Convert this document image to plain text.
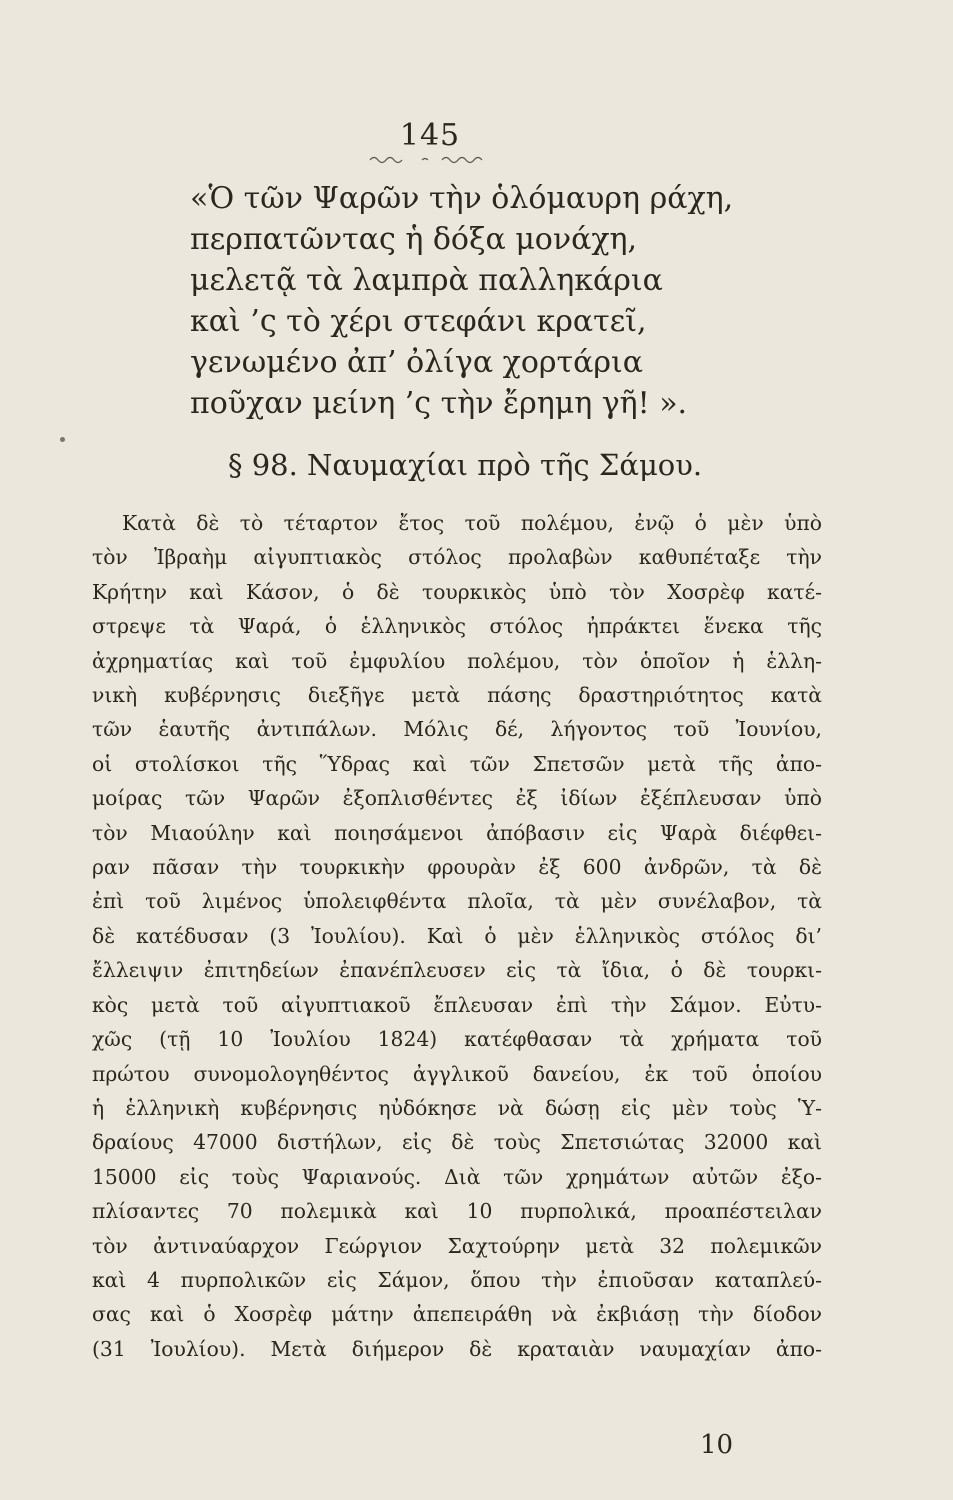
145
«Ὁ τῶν Ψαρῶν τὴν ὁλόμαυρη ράχη,
περπατῶντας ἡ δόξα μονάχη,
μελετᾷ τὰ λαμπρὰ παλληκάρια
καὶ ’ς τὸ χέρι στεφάνι κρατεῖ,
γενωμένο ἀπ’ ὀλίγα χορτάρια
ποῦχαν μείνη ’ς τὴν ἔρημη γῆ! ».
§ 98. Ναυμαχίαι πρὸ τῆς Σάμου.
Κατὰ δὲ τὸ τέταρτον ἔτος τοῦ πολέμου, ἐνῷ ὁ μὲν ὑπὸ
τὸν Ἰβραὴμ αἰγυπτιακὸς στόλος προλαβὼν καθυπέταξε τὴν
Κρήτην καὶ Κάσον, ὁ δὲ τουρκικὸς ὑπὸ τὸν Χοσρὲφ κατέ-
στρεψε τὰ Ψαρά, ὁ ἑλληνικὸς στόλος ἠπράκτει ἕνεκα τῆς
ἀχρηματίας καὶ τοῦ ἐμφυλίου πολέμου, τὸν ὁποῖον ἡ ἑλλη-
νικὴ κυβέρνησις διεξῆγε μετὰ πάσης δραστηριότητος κατὰ
τῶν ἑαυτῆς ἀντιπάλων. Μόλις δέ, λήγοντος τοῦ Ἰουνίου,
οἱ στολίσκοι τῆς Ὕδρας καὶ τῶν Σπετσῶν μετὰ τῆς ἀπο-
μοίρας τῶν Ψαρῶν ἐξοπλισθέντες ἐξ ἰδίων ἐξέπλευσαν ὑπὸ
τὸν Μιαούλην καὶ ποιησάμενοι ἀπόβασιν εἰς Ψαρὰ διέφθει-
ραν πᾶσαν τὴν τουρκικὴν φρουρὰν ἐξ 600 ἀνδρῶν, τὰ δὲ
ἐπὶ τοῦ λιμένος ὑπολειφθέντα πλοῖα, τὰ μὲν συνέλαβον, τὰ
δὲ κατέδυσαν (3 Ἰουλίου). Καὶ ὁ μὲν ἑλληνικὸς στόλος δι’
ἔλλειψιν ἐπιτηδείων ἐπανέπλευσεν εἰς τὰ ἴδια, ὁ δὲ τουρκι-
κὸς μετὰ τοῦ αἰγυπτιακοῦ ἔπλευσαν ἐπὶ τὴν Σάμον. Εὐτυ-
χῶς (τῇ 10 Ἰουλίου 1824) κατέφθασαν τὰ χρήματα τοῦ
πρώτου συνομολογηθέντος ἀγγλικοῦ δανείου, ἐκ τοῦ ὁποίου
ἡ ἑλληνικὴ κυβέρνησις ηὐδόκησε νὰ δώσῃ εἰς μὲν τοὺς Ὑ-
δραίους 47000 διστήλων, εἰς δὲ τοὺς Σπετσιώτας 32000 καὶ
15000 εἰς τοὺς Ψαριανούς. Διὰ τῶν χρημάτων αὐτῶν ἐξο-
πλίσαντες 70 πολεμικὰ καὶ 10 πυρπολικά, προαπέστειλαν
τὸν ἀντιναύαρχον Γεώργιον Σαχτούρην μετὰ 32 πολεμικῶν
καὶ 4 πυρπολικῶν εἰς Σάμον, ὅπου τὴν ἐπιοῦσαν καταπλεύ-
σας καὶ ὁ Χοσρὲφ μάτην ἀπεπειράθη νὰ ἐκβιάσῃ τὴν δίοδον
(31 Ἰουλίου). Μετὰ διήμερον δὲ κραταιὰν ναυμαχίαν ἀπο-
10
